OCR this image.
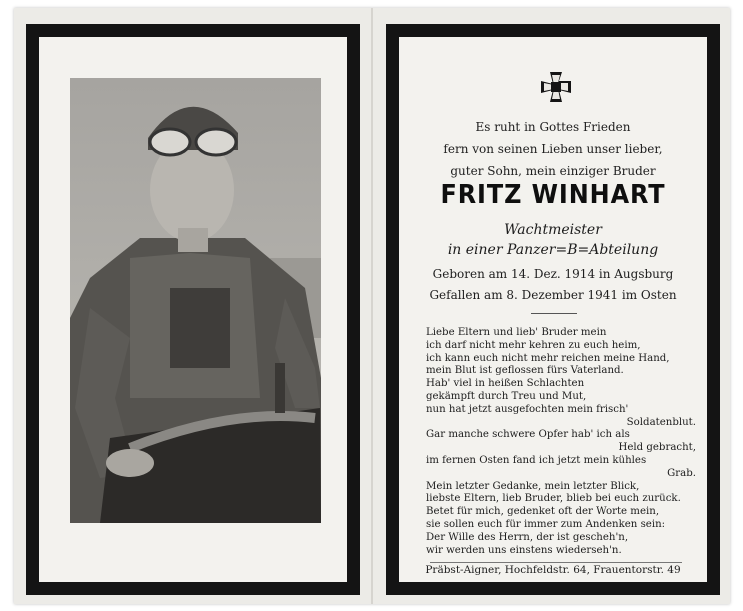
Es ruht in Gottes Frieden
fern von seinen Lieben unser lieber,
guter Sohn, mein einziger Bruder
FRITZ WINHART
Wachtmeister
in einer Panzer=B=Abteilung
Geboren am 14. Dez. 1914 in Augsburg
Gefallen am 8. Dezember 1941 im Osten
Liebe Eltern und lieb' Bruder mein
ich darf nicht mehr kehren zu euch heim,
ich kann euch nicht mehr reichen meine Hand,
mein Blut ist geflossen fürs Vaterland.
Hab' viel in heißen Schlachten
gekämpft durch Treu und Mut,
nun hat jetzt ausgefochten mein frisch'
Soldatenblut.
Gar manche schwere Opfer hab' ich als
Held gebracht,
im fernen Osten fand ich jetzt mein kühles
Grab.
Mein letzter Gedanke, mein letzter Blick,
liebste Eltern, lieb Bruder, blieb bei euch zurück.
Betet für mich, gedenket oft der Worte mein,
sie sollen euch für immer zum Andenken sein:
Der Wille des Herrn, der ist gescheh'n,
wir werden uns einstens wiederseh'n.
Präbst-Aigner, Hochfeldstr. 64, Frauentorstr. 49
